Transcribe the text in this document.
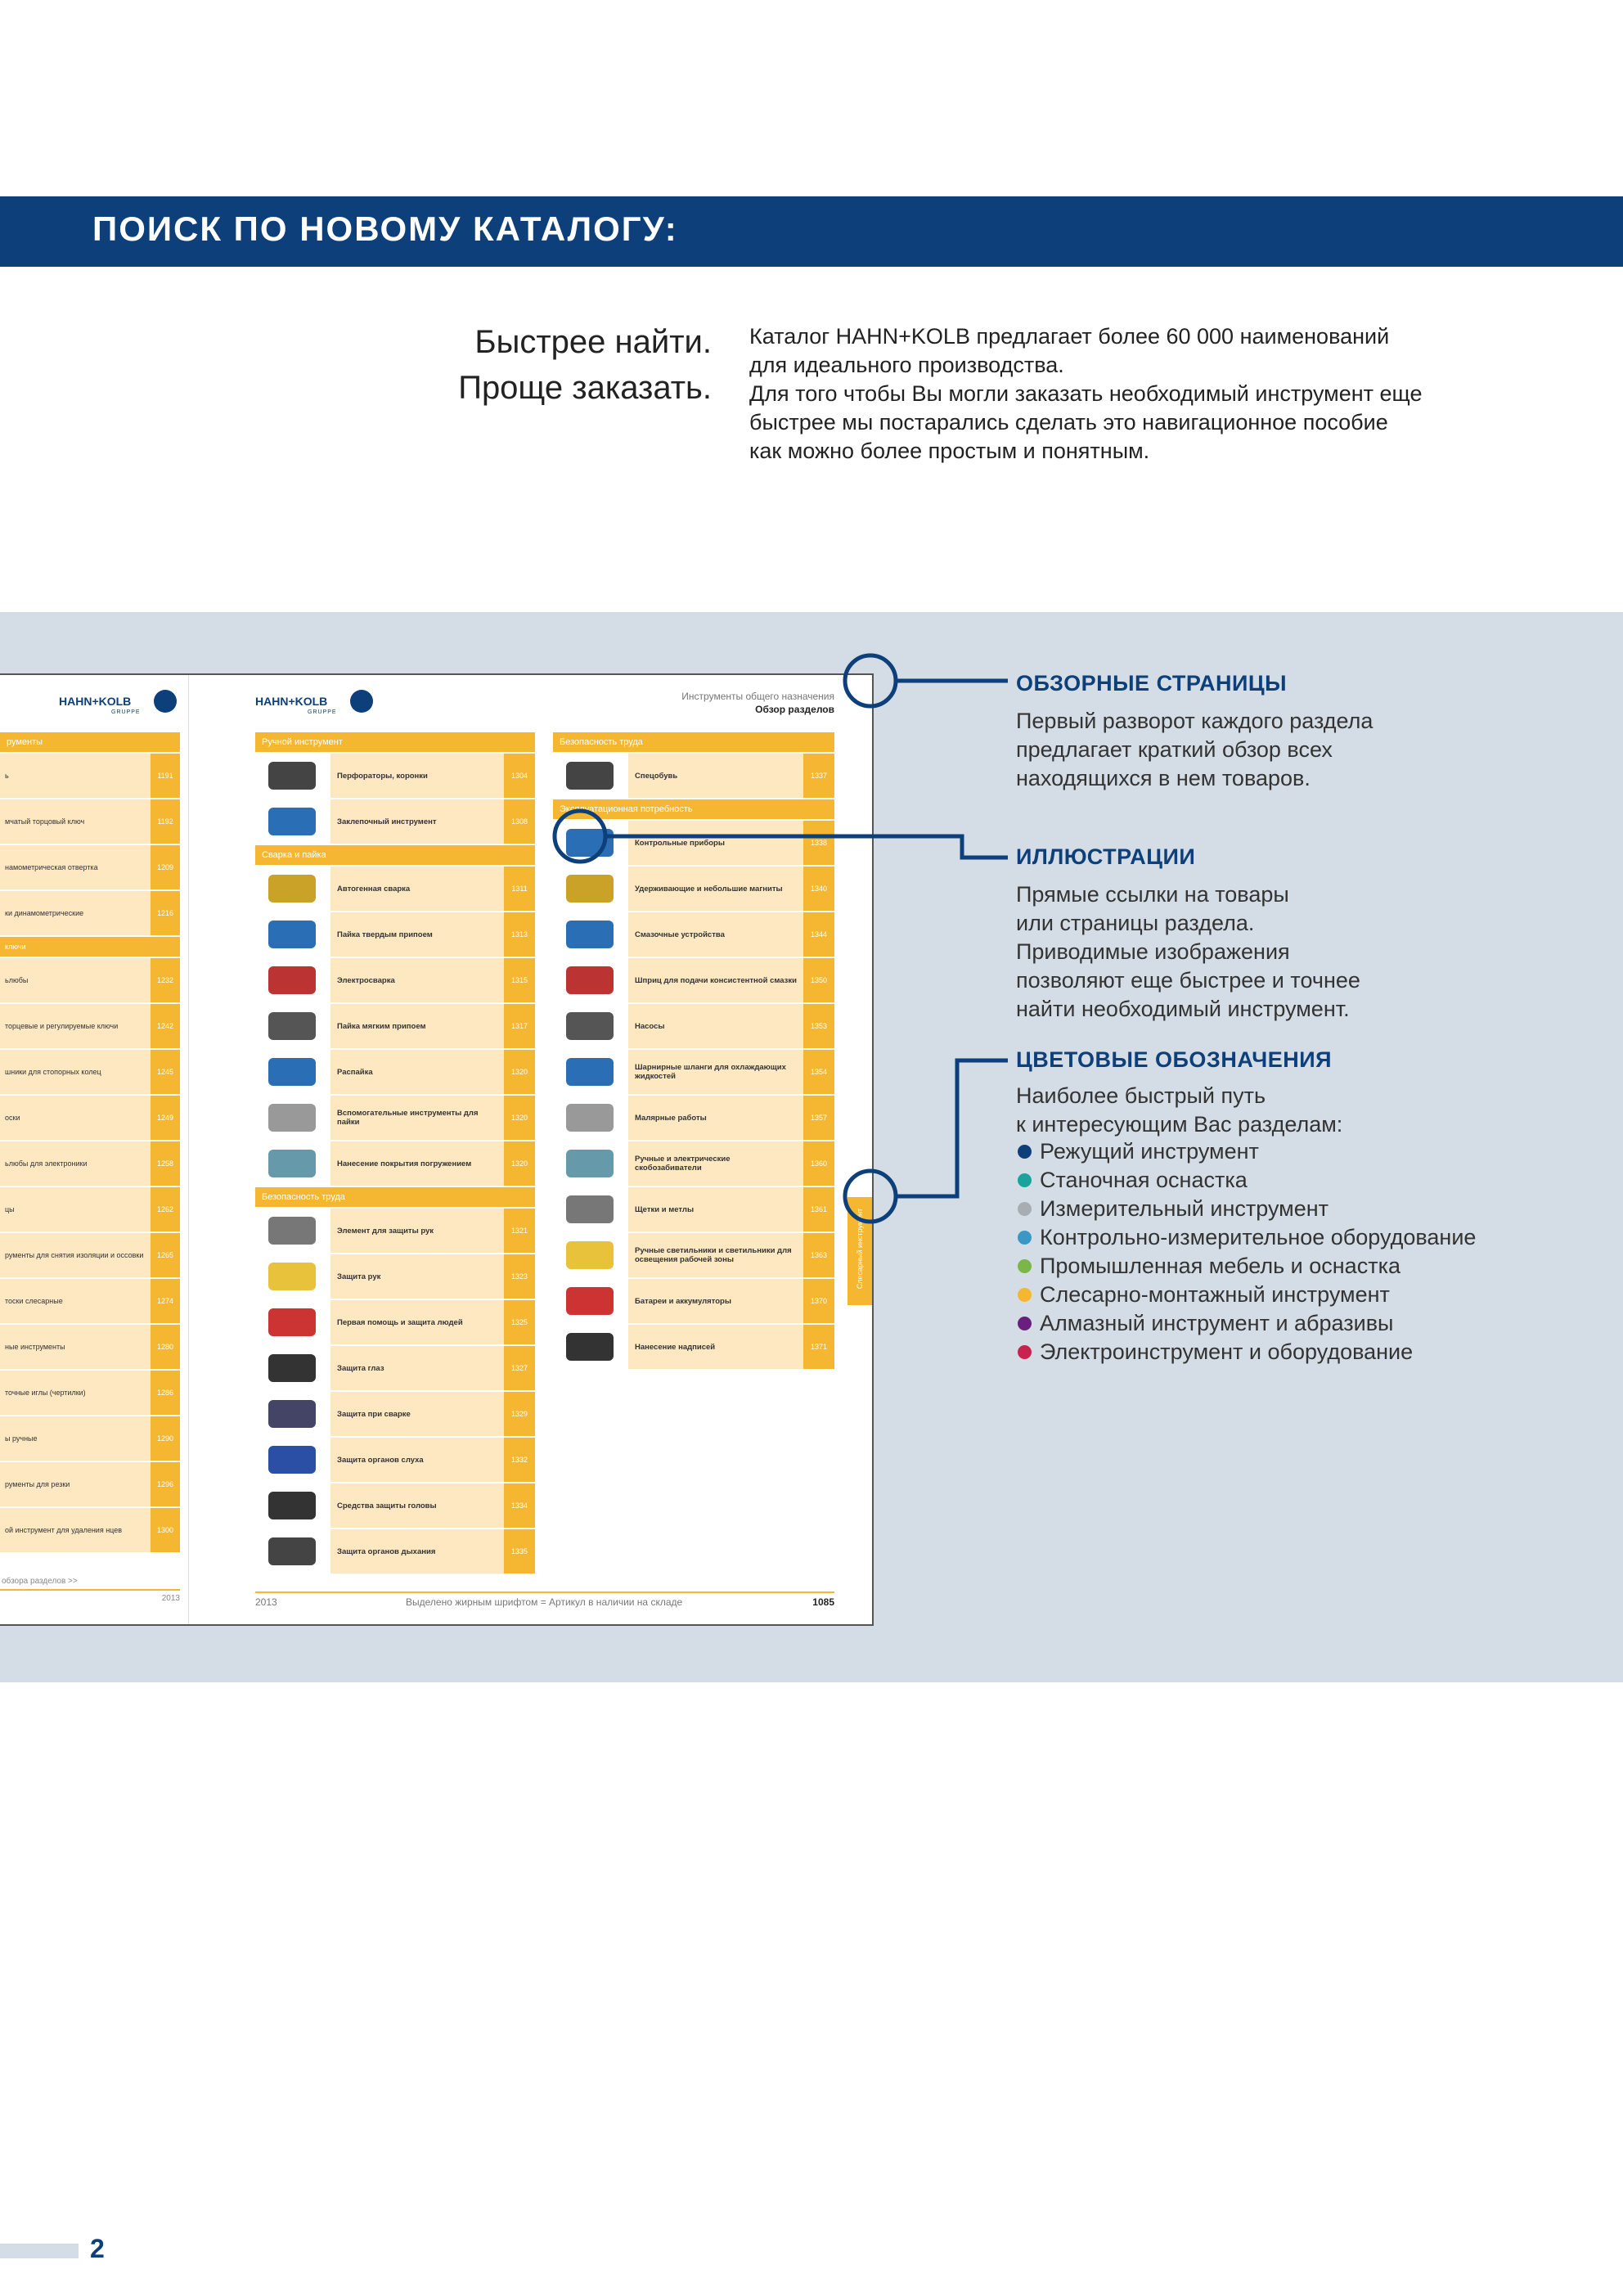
ПОИСК ПО НОВОМУ КАТАЛОГУ:
Быстрее найти.
Проще заказать.
Каталог HAHN+KOLB предлагает более 60 000 наименований
для идеального производства.
Для того чтобы Вы могли заказать необходимый инструмент еще
быстрее мы постарались сделать это навигационное пособие
как можно более простым и понятным.
HAHN+KOLB
GRUPPE
HAHN+KOLB
GRUPPE
Инструменты общего назначения
Обзор разделов
рументы
ь	1191
мчатый торцовый ключ	1192
намометрическая отвертка	1209
ки динамометрические	1216
ключи
ьлюбы	1232
торцевые и регулируемые ключи	1242
шники для стопорных колец	1245
оски	1249
ьлюбы для электроники	1258
цы	1262
рументы для снятия изоляции и оссовки	1265
тоски слесарные	1274
ные инструменты	1280
точные иглы (чертилки)	1286
ы ручные	1290
рументы для резки	1296
ой инструмент для удаления нцев	1300
обзора разделов >>
2013
Ручной инструмент
Перфораторы, коронки	1304
Заклепочный инструмент	1308
Сварка и пайка
Автогенная сварка	1311
Пайка твердым припоем	1313
Электросварка	1315
Пайка мягким припоем	1317
Распайка	1320
Вспомогательные инструменты для пайки	1320
Нанесение покрытия погружением	1320
Безопасность труда
Элемент для защиты рук	1321
Защита рук	1323
Первая помощь и защита людей	1325
Защита глаз	1327
Защита при сварке	1329
Защита органов слуха	1332
Средства защиты головы	1334
Защита органов дыхания	1335
Безопасность труда
Спецобувь	1337
Эксплуатационная потребность
Контрольные приборы	1338
Удерживающие и небольшие магниты	1340
Смазочные устройства	1344
Шприц для подачи консистентной смазки	1350
Насосы	1353
Шарнирные шланги для охлаждающих жидкостей	1354
Малярные работы	1357
Ручные и электрические скобозабиватели	1360
Щетки и метлы	1361
Ручные светильники и светильники для освещения рабочей зоны	1363
Батареи и аккумуляторы	1370
Нанесение надписей	1371
Слесарный инструмент
2013	Выделено жирным шрифтом = Артикул в наличии на складе	1085
ОБЗОРНЫЕ СТРАНИЦЫ
Первый разворот каждого раздела
предлагает краткий обзор всех
находящихся в нем товаров.
ИЛЛЮСТРАЦИИ
Прямые ссылки на товары
или страницы раздела.
Приводимые изображения
позволяют еще быстрее и точнее
найти необходимый инструмент.
ЦВЕТОВЫЕ ОБОЗНАЧЕНИЯ
Наиболее быстрый путь
к интересующим Вас разделам:
Режущий инструмент
Станочная оснастка
Измерительный инструмент
Контрольно-измерительное оборудование
Промышленная мебель и оснастка
Слесарно-монтажный инструмент
Алмазный инструмент и абразивы
Электроинструмент и оборудование
2
